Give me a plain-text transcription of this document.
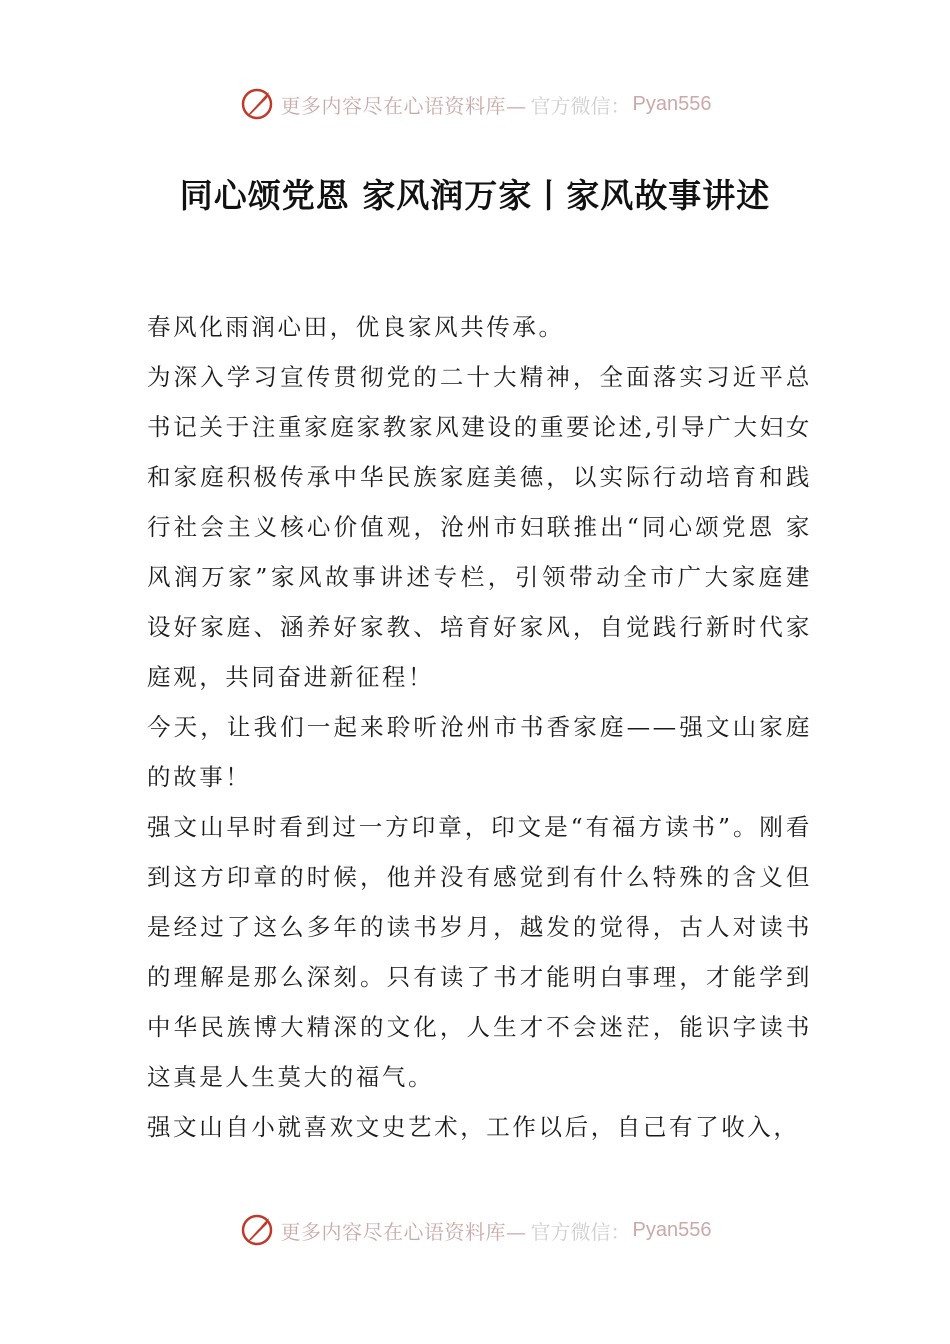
更多内容尽在心语资料库— 官方微信： Pyan556
同心颂党恩 家风润万家丨家风故事讲述

春风化雨润心田，优良家风共传承。

为深入学习宣传贯彻党的二十大精神，全面落实习近平总书记关于注重家庭家教家风建设的重要论述,引导广大妇女和家庭积极传承中华民族家庭美德，以实际行动培育和践行社会主义核心价值观，沧州市妇联推出“同心颂党恩 家风润万家”家风故事讲述专栏，引领带动全市广大家庭建设好家庭、涵养好家教、培育好家风，自觉践行新时代家庭观，共同奋进新征程！

今天，让我们一起来聆听沧州市书香家庭——强文山家庭的故事！

强文山早时看到过一方印章，印文是“有福方读书”。刚看到这方印章的时候，他并没有感觉到有什么特殊的含义但是经过了这么多年的读书岁月，越发的觉得，古人对读书的理解是那么深刻。只有读了书才能明白事理，才能学到中华民族博大精深的文化，人生才不会迷茫，能识字读书这真是人生莫大的福气。

强文山自小就喜欢文史艺术，工作以后，自己有了收入，

更多内容尽在心语资料库— 官方微信： Pyan556
